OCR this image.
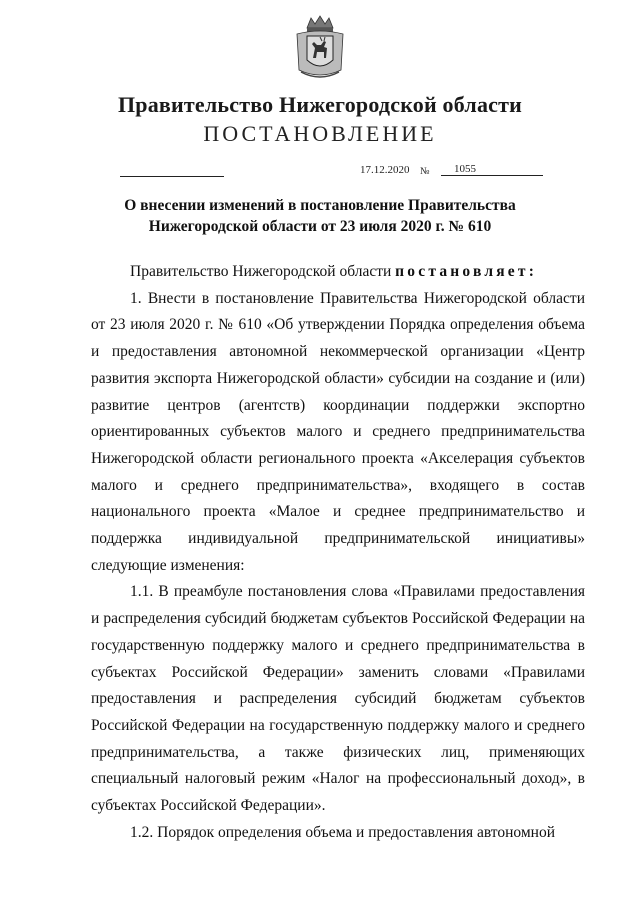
Правительство Нижегородской области
ПОСТАНОВЛЕНИЕ
17.12.2020 №	1055
О внесении изменений в постановление Правительства
Нижегородской области от 23 июля 2020 г. № 610

Правительство Нижегородской области постановляет:

1. Внести в постановление Правительства Нижегородской области от 23 июля 2020 г. № 610 «Об утверждении Порядка определения объема и предоставления автономной некоммерческой организации «Центр развития экспорта Нижегородской области» субсидии на создание и (или) развитие центров (агентств) координации поддержки экспортно ориентированных субъектов малого и среднего предпринимательства Нижегородской области регионального проекта «Акселерация субъектов малого и среднего предпринимательства», входящего в состав национального проекта «Малое и среднее предпринимательство и поддержка индивидуальной предпринимательской инициативы» следующие изменения:

1.1. В преамбуле постановления слова «Правилами предоставления и распределения субсидий бюджетам субъектов Российской Федерации на государственную поддержку малого и среднего предпринимательства в субъектах Российской Федерации» заменить словами «Правилами предоставления и распределения субсидий бюджетам субъектов Российской Федерации на государственную поддержку малого и среднего предпринимательства, а также физических лиц, применяющих специальный налоговый режим «Налог на профессиональный доход», в субъектах Российской Федерации».

1.2. Порядок определения объема и предоставления автономной
